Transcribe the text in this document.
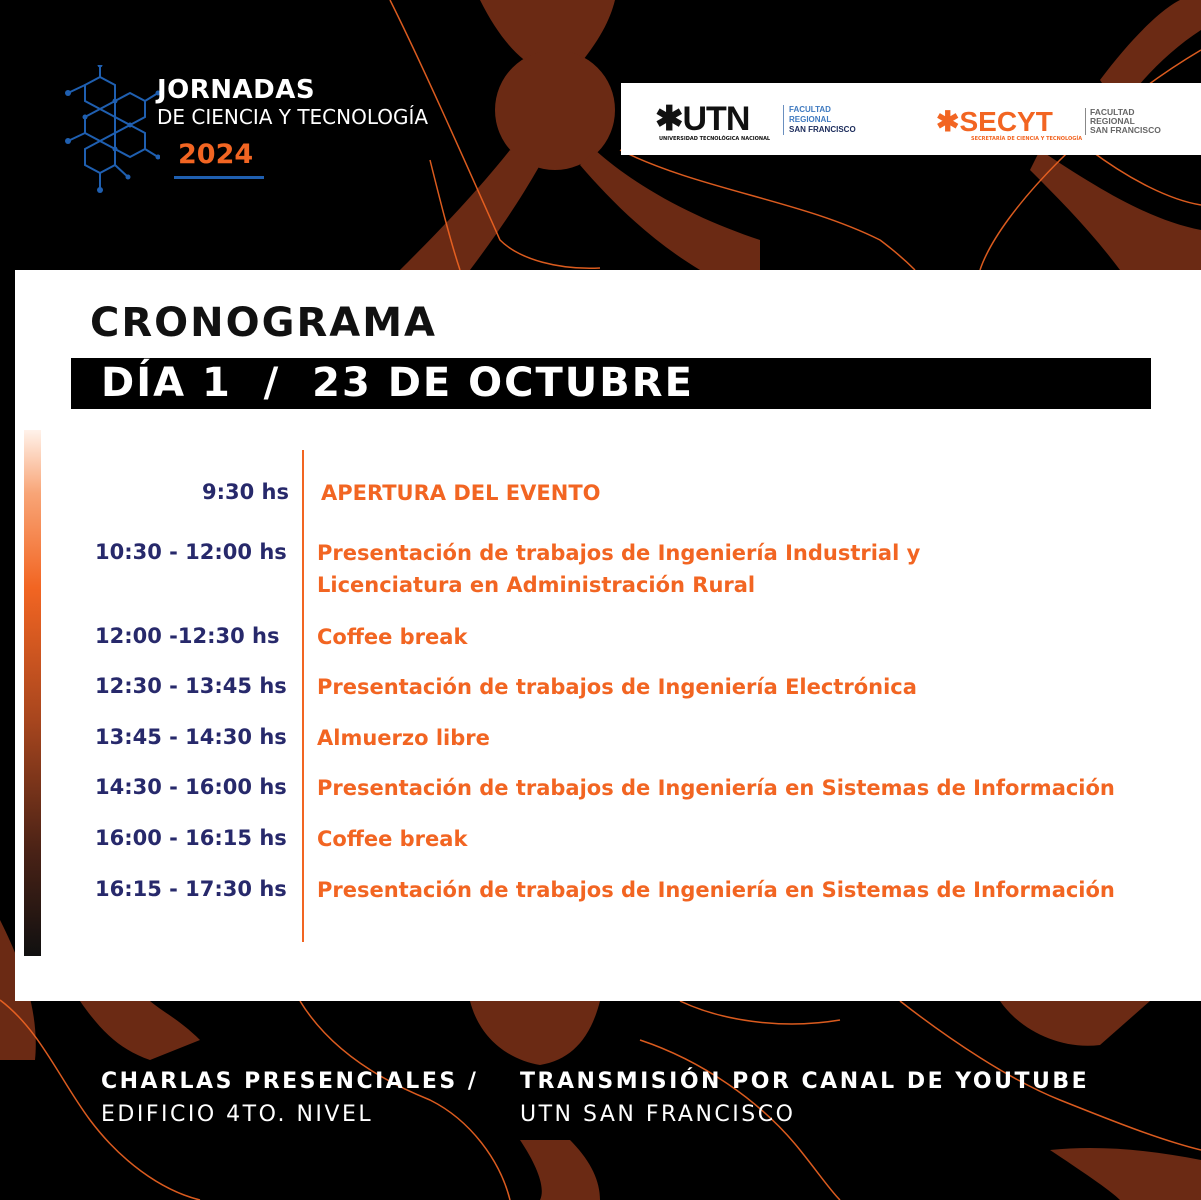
JORNADAS
DE CIENCIA Y TECNOLOGÍA
2024
✱UTN
UNIVERSIDAD TECNOLÓGICA NACIONAL
FACULTAD
REGIONAL
SAN FRANCISCO	✱SECYT
SECRETARÍA DE CIENCIA Y TECNOLOGÍA
FACULTAD
REGIONAL
SAN FRANCISCO
CRONOGRAMA
DÍA 1  /  23 DE OCTUBRE
9:30 hs APERTURA DEL EVENTO
10:30 - 12:00 hs Presentación de trabajos de Ingeniería Industrial y
Licenciatura en Administración Rural
12:00 -12:30 hs Coffee break
12:30 - 13:45 hs Presentación de trabajos de Ingeniería Electrónica
13:45 - 14:30 hs Almuerzo libre
14:30 - 16:00 hs Presentación de trabajos de Ingeniería en Sistemas de Información
16:00 - 16:15 hs Coffee break
16:15 - 17:30 hs Presentación de trabajos de Ingeniería en Sistemas de Información
CHARLAS PRESENCIALES /
EDIFICIO 4TO. NIVEL
TRANSMISIÓN POR CANAL DE YOUTUBE
UTN SAN FRANCISCO
